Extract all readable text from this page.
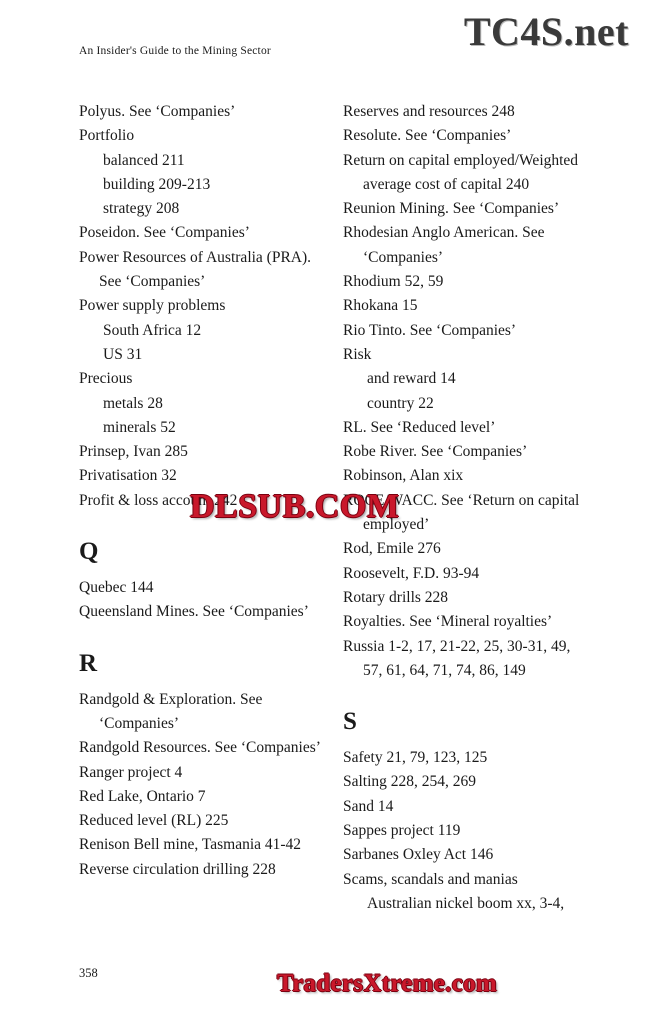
An Insider's Guide to the Mining Sector	TC4S.net

Polyus. See ‘Companies’

Portfolio

balanced 211

building 209-213

strategy 208

Poseidon. See ‘Companies’

Power Resources of Australia (PRA). See ‘Companies’

Power supply problems

South Africa 12

US 31

Precious

metals 28

minerals 52

Prinsep, Ivan 285

Privatisation 32

Profit & loss account 242

Q

Quebec 144

Queensland Mines. See ‘Companies’

R

Randgold & Exploration. See ‘Companies’

Randgold Resources. See ‘Companies’

Ranger project 4

Red Lake, Ontario 7

Reduced level (RL) 225

Renison Bell mine, Tasmania 41-42

Reverse circulation drilling 228

Reserves and resources 248

Resolute. See ‘Companies’

Return on capital employed/Weighted average cost of capital 240

Reunion Mining. See ‘Companies’

Rhodesian Anglo American. See ‘Companies’

Rhodium 52, 59

Rhokana 15

Rio Tinto. See ‘Companies’

Risk

and reward 14

country 22

RL. See ‘Reduced level’

Robe River. See ‘Companies’

Robinson, Alan xix

ROCE/WACC. See ‘Return on capital employed’

Rod, Emile 276

Roosevelt, F.D. 93-94

Rotary drills 228

Royalties. See ‘Mineral royalties’

Russia 1-2, 17, 21-22, 25, 30-31, 49, 57, 61, 64, 71, 74, 86, 149

S

Safety 21, 79, 123, 125

Salting 228, 254, 269

Sand 14

Sappes project 119

Sarbanes Oxley Act 146

Scams, scandals and manias

Australian nickel boom xx, 3-4,

DLSUB.COM
358	TradersXtreme.com
